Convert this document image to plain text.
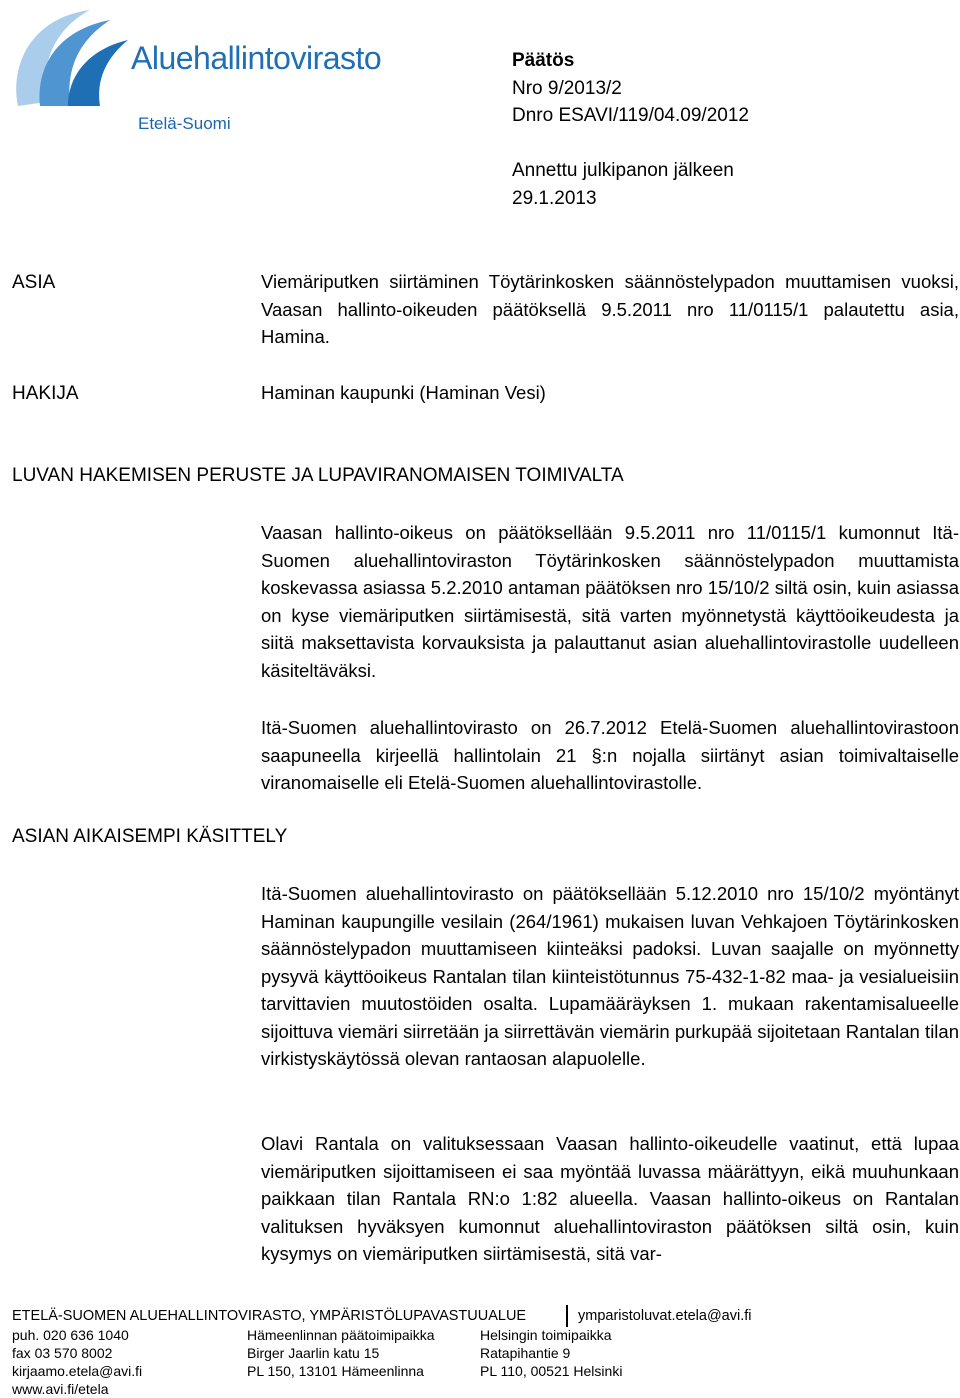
Aluehallintovirasto
Etelä-Suomi
Päätös
Nro 9/2013/2
Dnro ESAVI/119/04.09/2012
Annettu julkipanon jälkeen
29.1.2013
ASIA	Viemäriputken siirtäminen Töytärinkosken säännöstelypadon muuttamisen vuoksi, Vaasan hallinto-oikeuden päätöksellä 9.5.2011 nro 11/0115/1 palautettu asia, Hamina.

HAKIJA	Haminan kaupunki (Haminan Vesi)

LUVAN HAKEMISEN PERUSTE JA LUPAVIRANOMAISEN TOIMIVALTA

Vaasan hallinto-oikeus on päätöksellään 9.5.2011 nro 11/0115/1 kumonnut Itä-Suomen aluehallintoviraston Töytärinkosken säännöstelypadon muuttamista koskevassa asiassa 5.2.2010 antaman päätöksen nro 15/10/2 siltä osin, kuin asiassa on kyse viemäriputken siirtämisestä, sitä varten myönnetystä käyttöoikeudesta ja siitä maksettavista korvauksista ja palauttanut asian aluehallintovirastolle uudelleen käsiteltäväksi.

Itä-Suomen aluehallintovirasto on 26.7.2012 Etelä-Suomen aluehallintovirastoon saapuneella kirjeellä hallintolain 21 §:n nojalla siirtänyt asian toimivaltaiselle viranomaiselle eli Etelä-Suomen aluehallintovirastolle.

ASIAN AIKAISEMPI KÄSITTELY

Itä-Suomen aluehallintovirasto on päätöksellään 5.12.2010 nro 15/10/2 myöntänyt Haminan kaupungille vesilain (264/1961) mukaisen luvan Vehkajoen Töytärinkosken säännöstelypadon muuttamiseen kiinteäksi padoksi. Luvan saajalle on myönnetty pysyvä käyttöoikeus Rantalan tilan kiinteistötunnus 75-432-1-82 maa- ja vesialueisiin tarvittavien muutostöiden osalta. Lupamääräyksen 1. mukaan rakentamisalueelle sijoittuva viemäri siirretään ja siirrettävän viemärin purkupää sijoitetaan Rantalan tilan virkistyskäytössä olevan rantaosan alapuolelle.

Olavi Rantala on valituksessaan Vaasan hallinto-oikeudelle vaatinut, että lupaa viemäriputken sijoittamiseen ei saa myöntää luvassa määrättyyn, eikä muuhunkaan paikkaan tilan Rantala RN:o 1:82 alueella. Vaasan hallinto-oikeus on Rantalan valituksen hyväksyen kumonnut aluehallintoviraston päätöksen siltä osin, kuin kysymys on viemäriputken siirtämisestä, sitä var-

ETELÄ-SUOMEN ALUEHALLINTOVIRASTO, YMPÄRISTÖLUPAVASTUUALUE	ymparistoluvat.etela@avi.fi
puh. 020 636 1040
fax 03 570 8002
kirjaamo.etela@avi.fi
www.avi.fi/etela
Hämeenlinnan päätoimipaikka
Birger Jaarlin katu 15
PL 150, 13101 Hämeenlinna
Helsingin toimipaikka
Ratapihantie 9
PL 110, 00521 Helsinki
